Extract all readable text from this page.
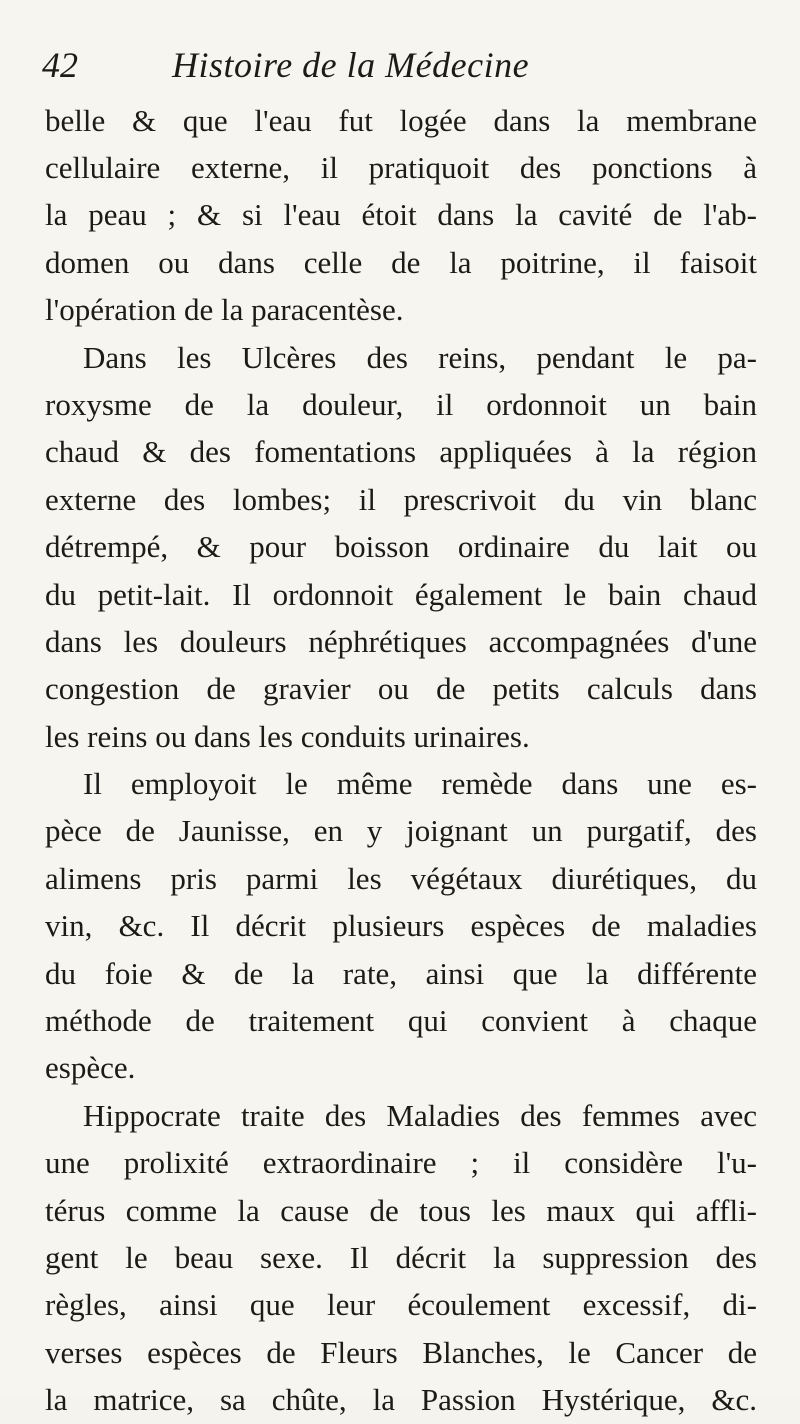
42	Histoire de la Médecine
belle & que l'eau fut logée dans la membrane
cellulaire externe, il pratiquoit des ponctions à
la peau ; & si l'eau étoit dans la cavité de l'ab-
domen ou dans celle de la poitrine, il faisoit
l'opération de la paracentèse.
Dans les Ulcères des reins, pendant le pa-
roxysme de la douleur, il ordonnoit un bain
chaud & des fomentations appliquées à la région
externe des lombes; il prescrivoit du vin blanc
détrempé, & pour boisson ordinaire du lait ou
du petit-lait. Il ordonnoit également le bain chaud
dans les douleurs néphrétiques accompagnées d'une
congestion de gravier ou de petits calculs dans
les reins ou dans les conduits urinaires.
Il employoit le même remède dans une es-
pèce de Jaunisse, en y joignant un purgatif, des
alimens pris parmi les végétaux diurétiques, du
vin, &c. Il décrit plusieurs espèces de maladies
du foie & de la rate, ainsi que la différente
méthode de traitement qui convient à chaque
espèce.
Hippocrate traite des Maladies des femmes avec
une prolixité extraordinaire ; il considère l'u-
térus comme la cause de tous les maux qui affli-
gent le beau sexe. Il décrit la suppression des
règles, ainsi que leur écoulement excessif, di-
verses espèces de Fleurs Blanches, le Cancer de
la matrice, sa chûte, la Passion Hystérique, &c.
